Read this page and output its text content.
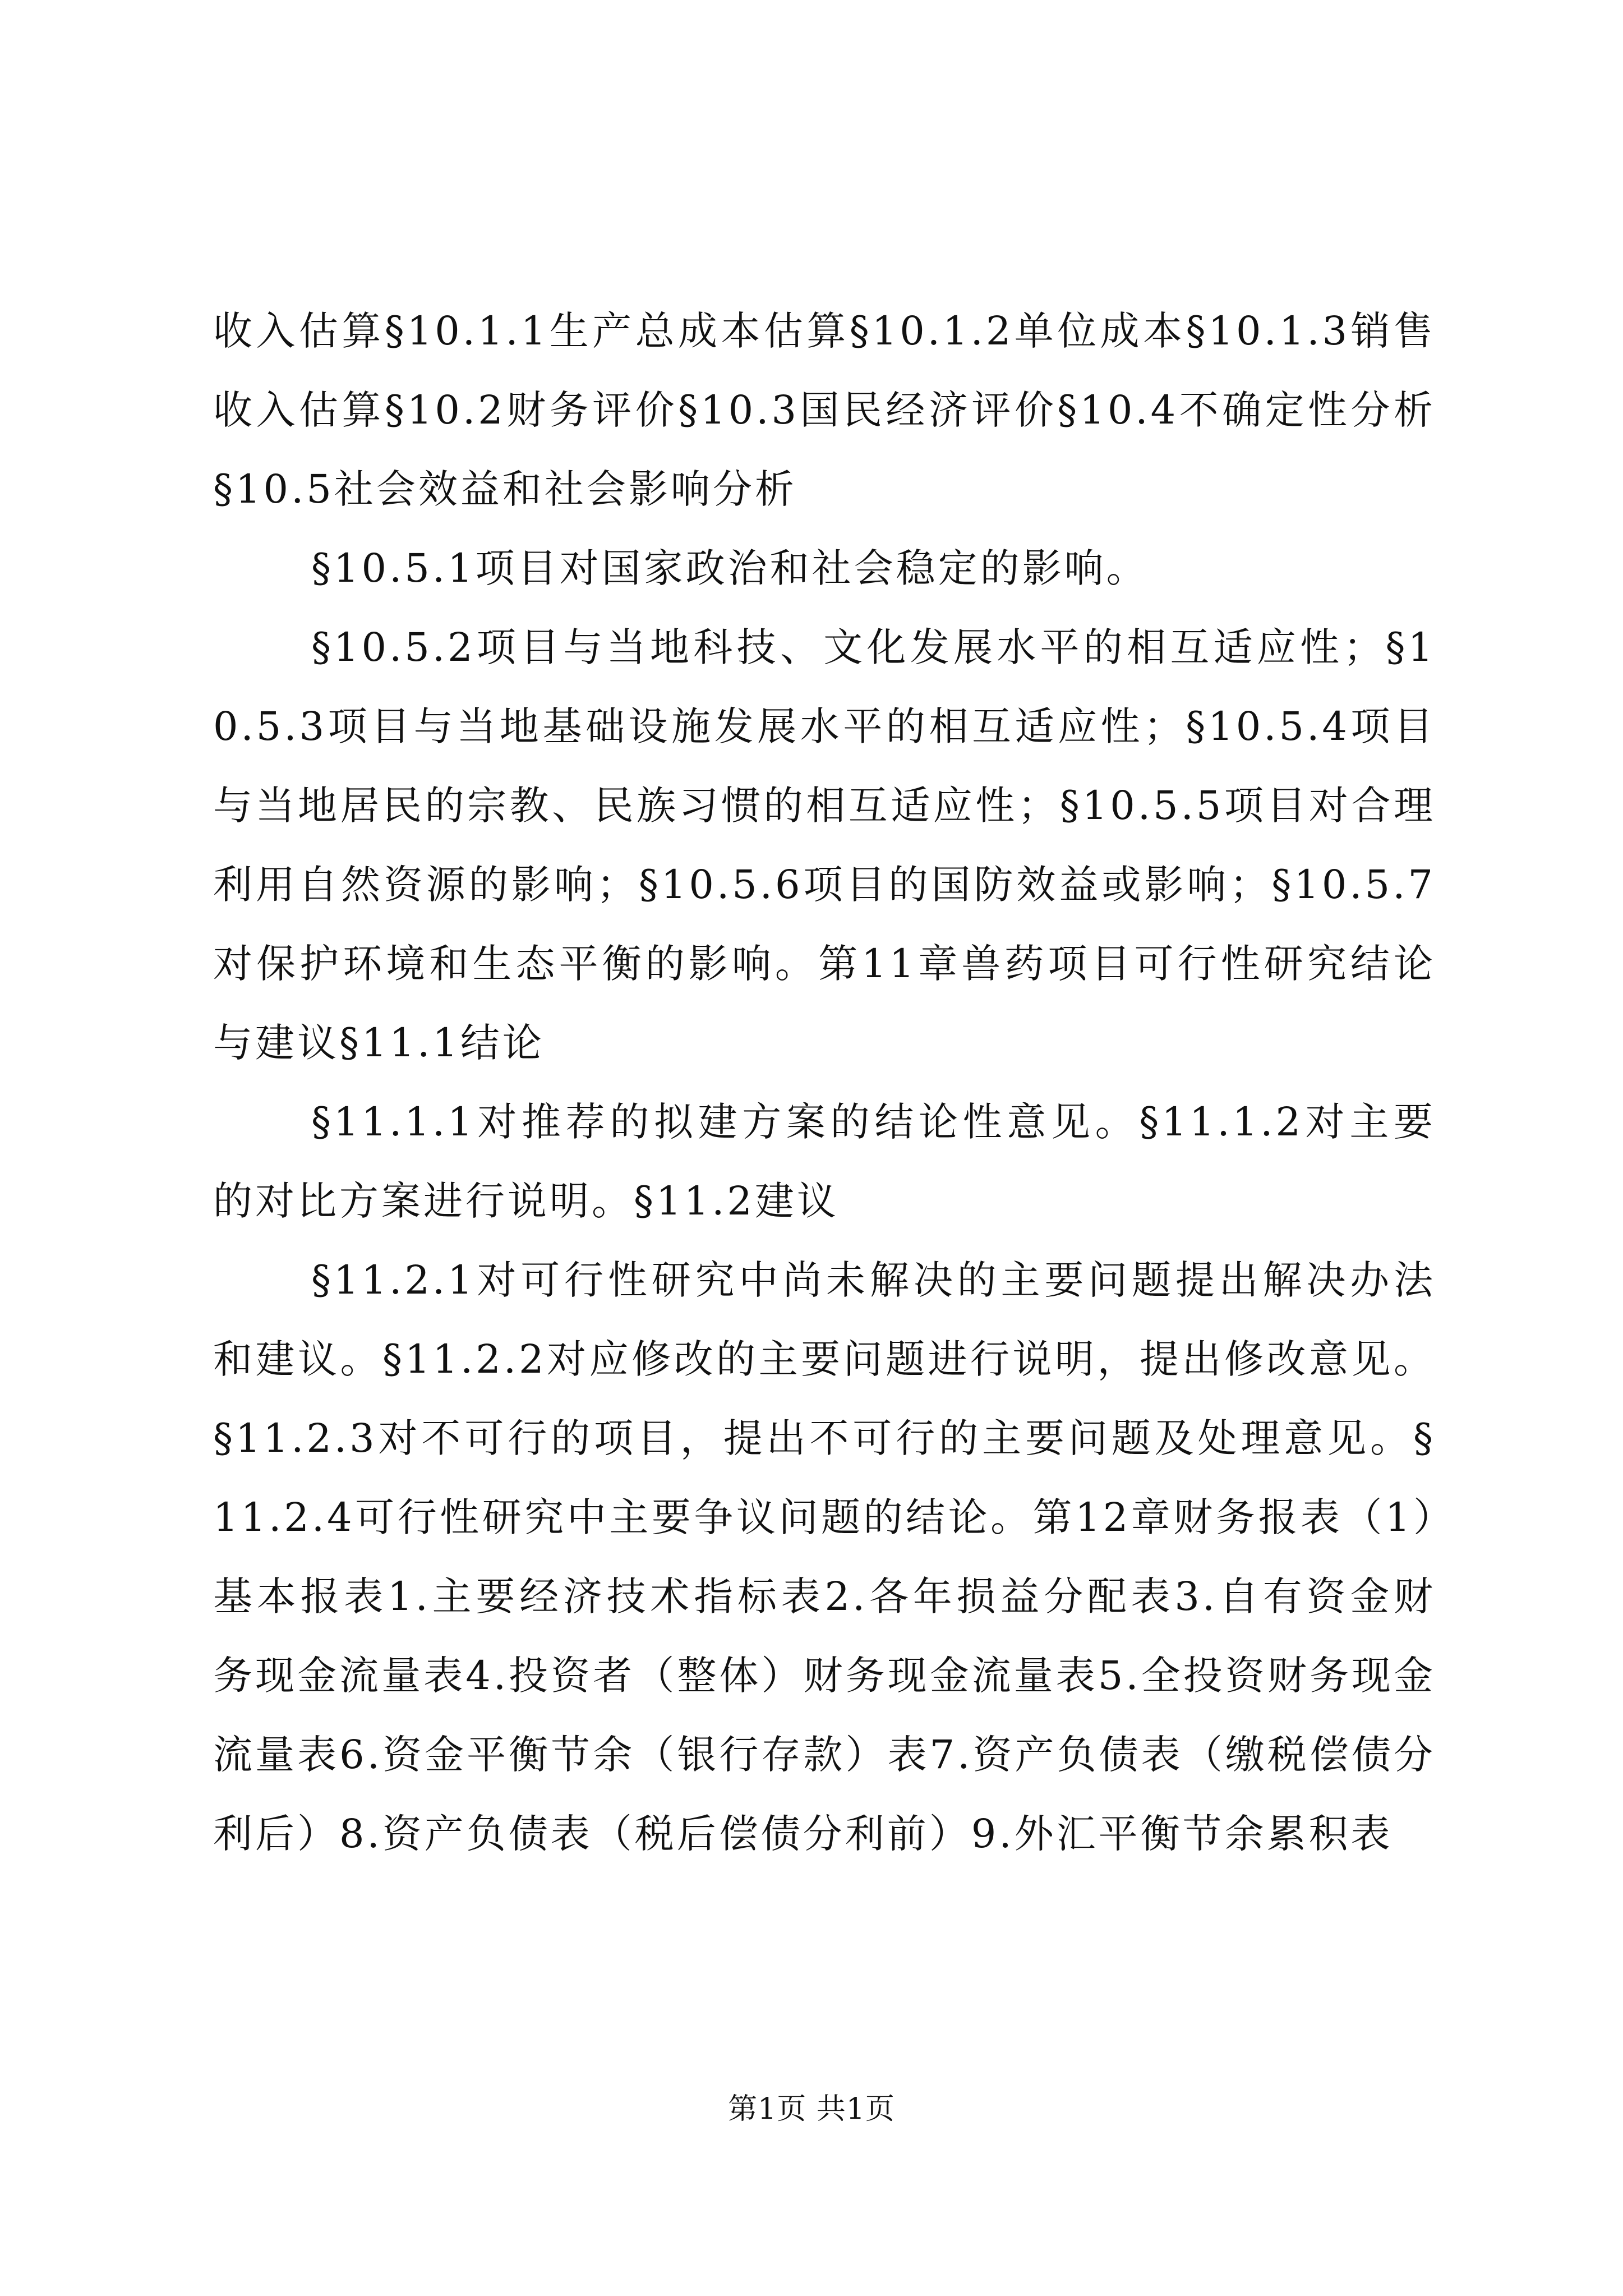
收入估算§10.1.1生产总成本估算§10.1.2单位成本§10.1.3销售收入估算§10.2财务评价§10.3国民经济评价§10.4不确定性分析§10.5社会效益和社会影响分析

§10.5.1项目对国家政治和社会稳定的影响。

§10.5.2项目与当地科技、文化发展水平的相互适应性；§10.5.3项目与当地基础设施发展水平的相互适应性；§10.5.4项目与当地居民的宗教、民族习惯的相互适应性；§10.5.5项目对合理利用自然资源的影响；§10.5.6项目的国防效益或影响；§10.5.7对保护环境和生态平衡的影响。第11章兽药项目可行性研究结论与建议§11.1结论

§11.1.1对推荐的拟建方案的结论性意见。§11.1.2对主要的对比方案进行说明。§11.2建议

§11.2.1对可行性研究中尚未解决的主要问题提出解决办法和建议。§11.2.2对应修改的主要问题进行说明，提出修改意见。§11.2.3对不可行的项目，提出不可行的主要问题及处理意见。§11.2.4可行性研究中主要争议问题的结论。第12章财务报表（1）基本报表1.主要经济技术指标表2.各年损益分配表3.自有资金财务现金流量表4.投资者（整体）财务现金流量表5.全投资财务现金流量表6.资金平衡节余（银行存款）表7.资产负债表（缴税偿债分利后）8.资产负债表（税后偿债分利前）9.外汇平衡节余累积表

第1页 共1页
